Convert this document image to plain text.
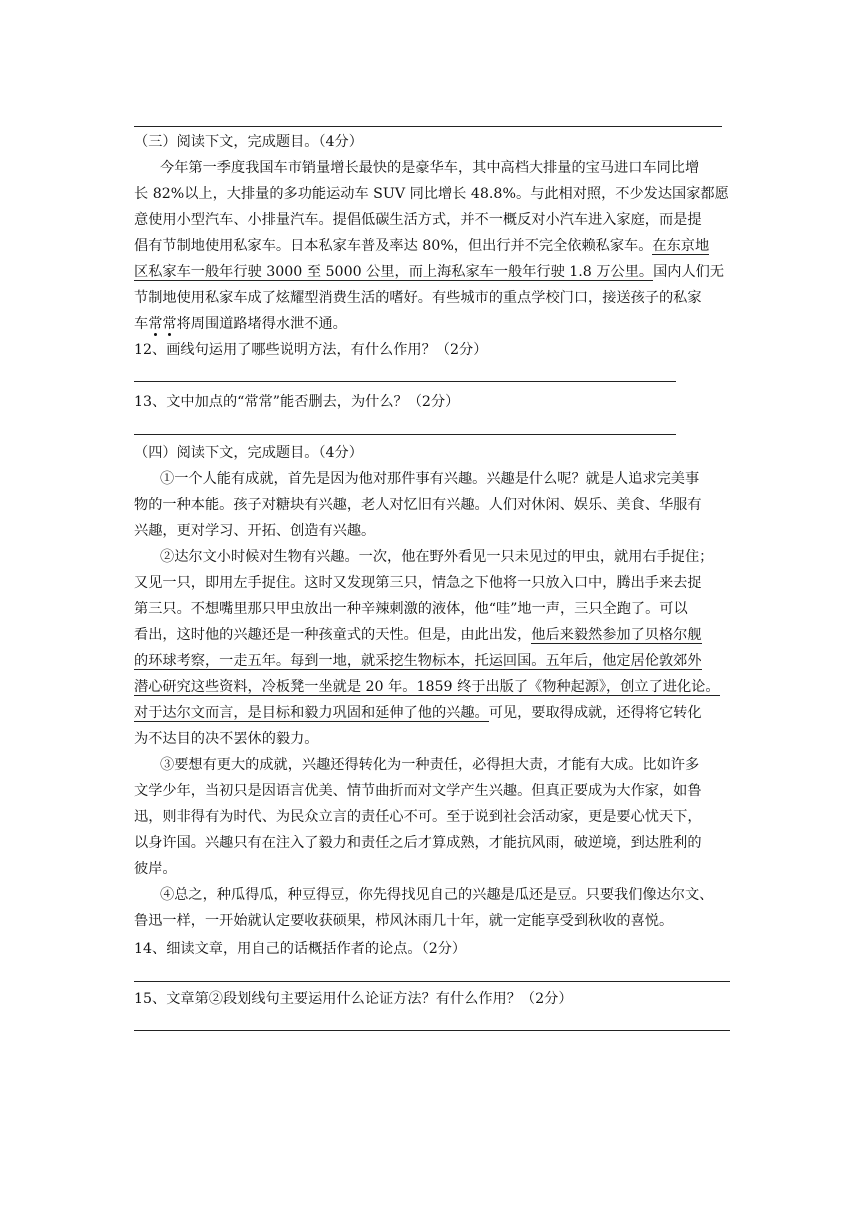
（三）阅读下文，完成题目。（4分）
今年第一季度我国车市销量增长最快的是豪华车，其中高档大排量的宝马进口车同比增
长 82%以上，大排量的多功能运动车 SUV 同比增长 48.8%。与此相对照，不少发达国家都愿
意使用小型汽车、小排量汽车。提倡低碳生活方式，并不一概反对小汽车进入家庭，而是提
倡有节制地使用私家车。日本私家车普及率达 80%，但出行并不完全依赖私家车。在东京地
区私家车一般年行驶 3000 至 5000 公里，而上海私家车一般年行驶 1.8 万公里。国内人们无
节制地使用私家车成了炫耀型消费生活的嗜好。有些城市的重点学校门口，接送孩子的私家
车常常将周围道路堵得水泄不通。
12、画线句运用了哪些说明方法，有什么作用？（2分）
13、文中加点的“常常”能否删去，为什么？（2分）
（四）阅读下文，完成题目。（4分）
①一个人能有成就，首先是因为他对那件事有兴趣。兴趣是什么呢？就是人追求完美事
物的一种本能。孩子对糖块有兴趣，老人对忆旧有兴趣。人们对休闲、娱乐、美食、华服有
兴趣，更对学习、开拓、创造有兴趣。
②达尔文小时候对生物有兴趣。一次，他在野外看见一只未见过的甲虫，就用右手捉住；
又见一只，即用左手捉住。这时又发现第三只，情急之下他将一只放入口中，腾出手来去捉
第三只。不想嘴里那只甲虫放出一种辛辣刺激的液体，他“哇”地一声，三只全跑了。可以
看出，这时他的兴趣还是一种孩童式的天性。但是，由此出发，他后来毅然参加了贝格尔舰
的环球考察，一走五年。每到一地，就采挖生物标本，托运回国。五年后，他定居伦敦郊外
潜心研究这些资料，冷板凳一坐就是 20 年。1859 终于出版了《物种起源》，创立了进化论。
对于达尔文而言，是目标和毅力巩固和延伸了他的兴趣。可见，要取得成就，还得将它转化
为不达目的决不罢休的毅力。
③要想有更大的成就，兴趣还得转化为一种责任，必得担大责，才能有大成。比如许多
文学少年，当初只是因语言优美、情节曲折而对文学产生兴趣。但真正要成为大作家，如鲁
迅，则非得有为时代、为民众立言的责任心不可。至于说到社会活动家，更是要心忧天下，
以身许国。兴趣只有在注入了毅力和责任之后才算成熟，才能抗风雨，破逆境，到达胜利的
彼岸。
④总之，种瓜得瓜，种豆得豆，你先得找见自己的兴趣是瓜还是豆。只要我们像达尔文、
鲁迅一样，一开始就认定要收获硕果，栉风沐雨几十年，就一定能享受到秋收的喜悦。
14、细读文章，用自己的话概括作者的论点。（2分）
15、文章第②段划线句主要运用什么论证方法？有什么作用？（2分）
